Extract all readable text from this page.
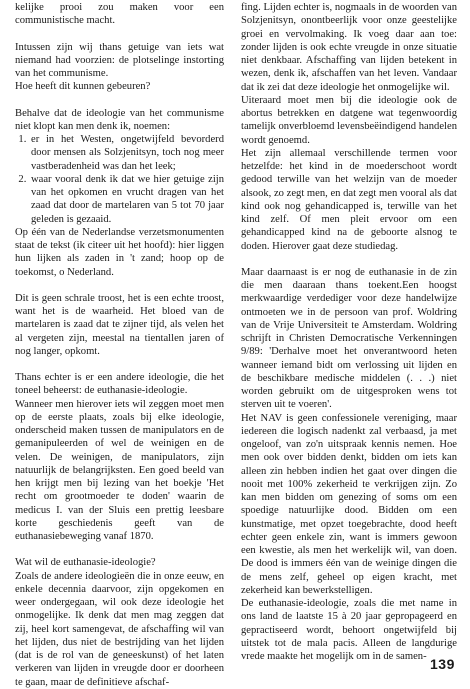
kelijke prooi zou maken voor een communistische macht.

Intussen zijn wij thans getuige van iets wat niemand had voorzien: de plotselinge instorting van het communisme.

Hoe heeft dit kunnen gebeuren?

Behalve dat de ideologie van het communisme niet klopt kan men denk ik, noemen:

1. er in het Westen, ongetwijfeld bevorderd door mensen als Solzjenitsyn, toch nog meer vastberadenheid was dan het leek;
2. waar vooral denk ik dat we hier getuige zijn van het opkomen en vrucht dragen van het zaad dat door de martelaren van 5 tot 70 jaar geleden is gezaaid.

Op één van de Nederlandse verzetsmonumenten staat de tekst (ik citeer uit het hoofd): hier liggen hun lijken als zaden in 't zand; hoop op de toekomst, o Nederland.

Dit is geen schrale troost, het is een echte troost, want het is de waarheid. Het bloed van de martelaren is zaad dat te zijner tijd, als velen het al vergeten zijn, meestal na tientallen jaren of nog langer, opkomt.

Thans echter is er een andere ideologie, die het toneel beheerst: de euthanasie-ideologie.

Wanneer men hierover iets wil zeggen moet men op de eerste plaats, zoals bij elke ideologie, onderscheid maken tussen de manipulators en de gemanipuleerden of wel de weinigen en de velen. De weinigen, de manipulators, zijn natuurlijk de belangrijksten. Een goed beeld van hen krijgt men bij lezing van het boekje 'Het recht om grootmoeder te doden' waarin de medicus I. van der Sluis een prettig leesbare korte geschiedenis geeft van de euthanasiebeweging vanaf 1870.

Wat wil de euthanasie-ideologie?

Zoals de andere ideologieën die in onze eeuw, en enkele decennia daarvoor, zijn opgekomen en weer ondergegaan, wil ook deze ideologie het onmogelijke. Ik denk dat men mag zeggen dat zij, heel kort samengevat, de afschaffing wil van het lijden, dus niet de bestrijding van het lijden (dat is de rol van de geneeskunst) of het laten verkeren van lijden in vreugde door er doorheen te gaan, maar de definitieve afschaf-

fing. Lijden echter is, nogmaals in de woorden van Solzjenitsyn, onontbeerlijk voor onze geestelijke groei en vervolmaking. Ik voeg daar aan toe: zonder lijden is ook echte vreugde in onze situatie niet denkbaar. Afschaffing van lijden betekent in wezen, denk ik, afschaffen van het leven. Vandaar dat ik zei dat deze ideologie het onmogelijke wil.

Uiteraard moet men bij die ideologie ook de abortus betrekken en datgene wat tegenwoordig tamelijk onverbloemd levensbeëindigend handelen wordt genoemd.

Het zijn allemaal verschillende termen voor hetzelfde: het kind in de moederschoot wordt gedood terwille van het welzijn van de moeder alsook, zo zegt men, en dat zegt men vooral als dat kind ook nog gehandicapped is, terwille van het kind zelf. Of men pleit ervoor om een gehandicapped kind na de geboorte alsnog te doden. Hierover gaat deze studiedag.

Maar daarnaast is er nog de euthanasie in de zin die men daaraan thans toekent.Een hoogst merkwaardige verdediger voor deze handelwijze ontmoeten we in de persoon van prof. Woldring van de Vrije Universiteit te Amsterdam. Woldring schrijft in Christen Democratische Verkenningen 9/89: 'Derhalve moet het onverantwoord heten wanneer iemand bidt om verlossing uit lijden en de beschikbare medische middelen (. . .) niet worden gebruikt om de uitgesproken wens tot sterven uit te voeren'.

Het NAV is geen confessionele vereniging, maar iedereen die logisch nadenkt zal verbaasd, ja met ongeloof, van zo'n uitspraak kennis nemen. Hoe men ook over bidden denkt, bidden om iets kan alleen zin hebben indien het gaat over dingen die nooit met 100% zekerheid te verkrijgen zijn. Zo kan men bidden om genezing of soms om een spoedige natuurlijke dood. Bidden om een kunstmatige, met opzet toegebrachte, dood heeft echter geen enkele zin, want is immers gewoon een kwestie, als men het werkelijk wil, van doen. De dood is immers één van de weinige dingen die de mens zelf, geheel op eigen kracht, met zekerheid kan bewerkstelligen.

De euthanasie-ideologie, zoals die met name in ons land de laatste 15 à 20 jaar gepropageerd en gepractiseerd wordt, behoort ongetwijfeld bij uitstek tot de mala pacis. Alleen de langdurige vrede maakte het mogelijk om in de samen- 139
